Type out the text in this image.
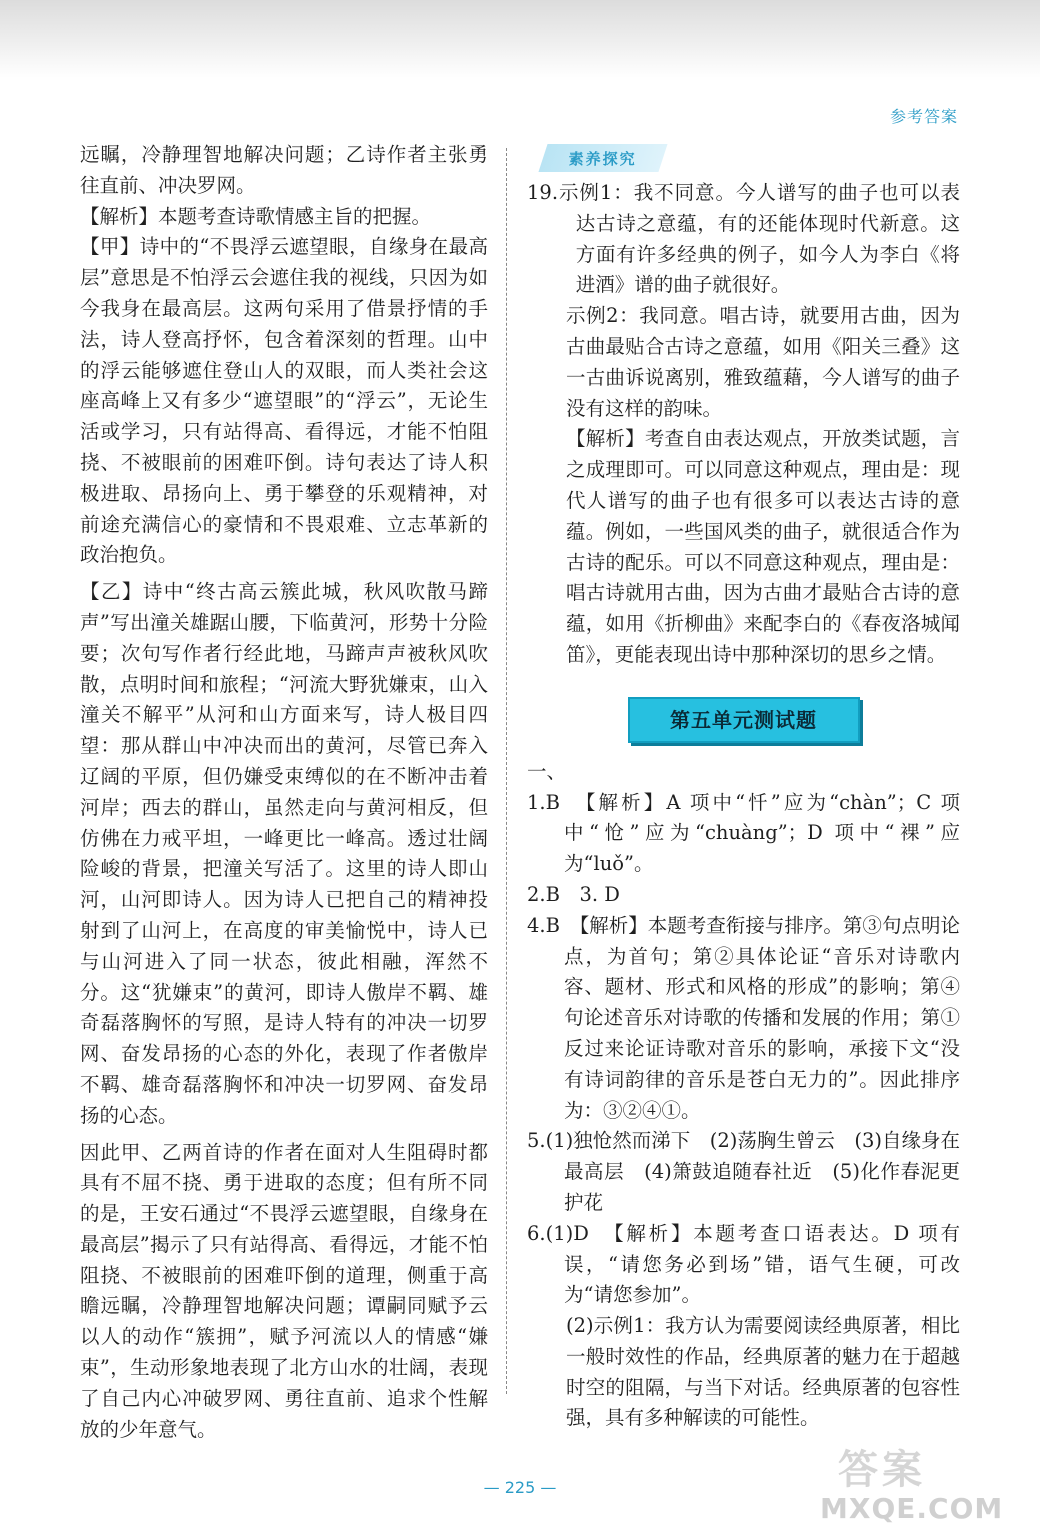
参考答案

远瞩，冷静理智地解决问题；乙诗作者主张勇往直前、冲决罗网。

【解析】本题考查诗歌情感主旨的把握。

【甲】诗中的“不畏浮云遮望眼，自缘身在最高层”意思是不怕浮云会遮住我的视线，只因为如今我身在最高层。这两句采用了借景抒情的手法，诗人登高抒怀，包含着深刻的哲理。山中的浮云能够遮住登山人的双眼，而人类社会这座高峰上又有多少“遮望眼”的“浮云”，无论生活或学习，只有站得高、看得远，才能不怕阻挠、不被眼前的困难吓倒。诗句表达了诗人积极进取、昂扬向上、勇于攀登的乐观精神，对前途充满信心的豪情和不畏艰难、立志革新的政治抱负。

【乙】诗中“终古高云簇此城，秋风吹散马蹄声”写出潼关雄踞山腰，下临黄河，形势十分险要；次句写作者行经此地，马蹄声声被秋风吹散，点明时间和旅程；“河流大野犹嫌束，山入潼关不解平”从河和山方面来写，诗人极目四望：那从群山中冲决而出的黄河，尽管已奔入辽阔的平原，但仍嫌受束缚似的在不断冲击着河岸；西去的群山，虽然走向与黄河相反，但仿佛在力戒平坦，一峰更比一峰高。透过壮阔险峻的背景，把潼关写活了。这里的诗人即山河，山河即诗人。因为诗人已把自己的精神投射到了山河上，在高度的审美愉悦中，诗人已与山河进入了同一状态，彼此相融，浑然不分。这“犹嫌束”的黄河，即诗人傲岸不羁、雄奇磊落胸怀的写照，是诗人特有的冲决一切罗网、奋发昂扬的心态的外化，表现了作者傲岸不羁、雄奇磊落胸怀和冲决一切罗网、奋发昂扬的心态。

因此甲、乙两首诗的作者在面对人生阻碍时都具有不屈不挠、勇于进取的态度；但有所不同的是，王安石通过“不畏浮云遮望眼，自缘身在最高层”揭示了只有站得高、看得远，才能不怕阻挠、不被眼前的困难吓倒的道理，侧重于高瞻远瞩，冷静理智地解决问题；谭嗣同赋予云以人的动作“簇拥”，赋予河流以人的情感“嫌束”，生动形象地表现了北方山水的壮阔，表现了自己内心冲破罗网、勇往直前、追求个性解放的少年意气。

素养探究

19.示例1：我不同意。今人谱写的曲子也可以表达古诗之意蕴，有的还能体现时代新意。这方面有许多经典的例子，如今人为李白《将进酒》谱的曲子就很好。

示例2：我同意。唱古诗，就要用古曲，因为古曲最贴合古诗之意蕴，如用《阳关三叠》这一古曲诉说离别，雅致蕴藉，今人谱写的曲子没有这样的韵味。

【解析】考查自由表达观点，开放类试题，言之成理即可。可以同意这种观点，理由是：现代人谱写的曲子也有很多可以表达古诗的意蕴。例如，一些国风类的曲子，就很适合作为古诗的配乐。可以不同意这种观点，理由是：唱古诗就用古曲，因为古曲才最贴合古诗的意蕴，如用《折柳曲》来配李白的《春夜洛城闻笛》，更能表现出诗中那种深切的思乡之情。

第五单元测试题

一、

1.B　【解析】A 项中“忏”应为“chàn”；C 项中“怆”应为“chuàng”；D 项中“裸”应为“luǒ”。

2.B　3. D

4.B　【解析】本题考查衔接与排序。第③句点明论点，为首句；第②具体论证“音乐对诗歌内容、题材、形式和风格的形成”的影响；第④句论述音乐对诗歌的传播和发展的作用；第①反过来论证诗歌对音乐的影响，承接下文“没有诗词韵律的音乐是苍白无力的”。因此排序为：③②④①。

5.(1)独怆然而涕下　(2)荡胸生曾云　(3)自缘身在最高层　(4)箫鼓追随春社近　(5)化作春泥更护花

6.(1)D　【解析】本题考查口语表达。D 项有误，“请您务必到场”错，语气生硬，可改为“请您参加”。

(2)示例1：我方认为需要阅读经典原著，相比一般时效性的作品，经典原著的魅力在于超越时空的阻隔，与当下对话。经典原著的包容性强，具有多种解读的可能性。

— 225 —	答案
MXQE.COM
